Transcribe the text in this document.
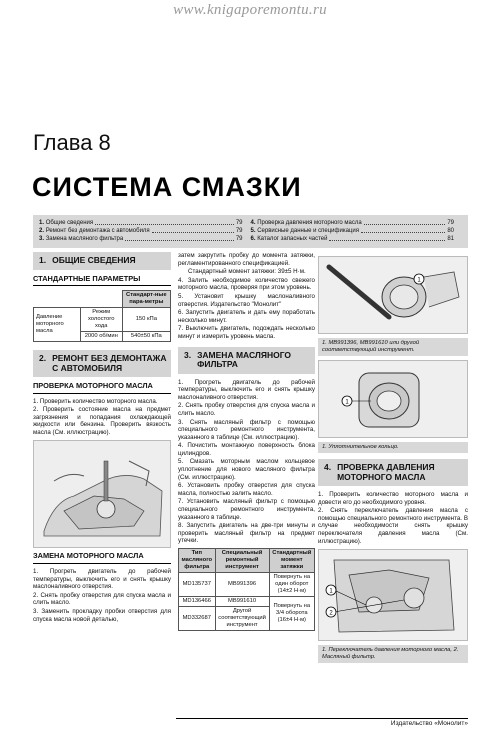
www.knigaporemontu.ru
Глава 8
СИСТЕМА СМАЗКИ
1.
Общие сведения	79
2.
Ремонт без демонтажа с автомобиля	79
3.
Замена масляного фильтра	79
4.
Проверка давления моторного масла	79
5.
Сервисные данные и спецификация	80
6.
Каталог запасных частей	81
1. ОБЩИЕ СВЕДЕНИЯ
СТАНДАРТНЫЕ ПАРАМЕТРЫ
		Стандарт-ные пара-метры
Давление моторного масла	Режим холостого хода	150 кПа
	2000 об/мин	540±50 кПа
2. РЕМОНТ БЕЗ ДЕМОНТАЖА С АВТОМОБИЛЯ
ПРОВЕРКА МОТОРНОГО МАСЛА

1. Проверить количество моторного масла.

2. Проверить состояние масла на предмет загрязнения и попадания охлаждающей жидкости или бензина. Проверить вязкость масла (См. иллюстрацию).

ЗАМЕНА МОТОРНОГО МАСЛА

1. Прогреть двигатель до рабочей температуры, выключить его и снять крышку маслоналивного отверстия.

2. Снять пробку отверстия для спуска масла и слить масло.

3. Заменить прокладку пробки отверстия для спуска масла новой деталью,

затем закрутить пробку до момента затяжки, регламентированного спецификацией.

Стандартный момент затяжки: 39±5 Н·м.

4. Залить необходимое количество свежего моторного масла, проверяя при этом уровень.

5. Установит крышку маслоналивного отверстия. Издательство "Монолит"

6. Запустить двигатель и дать ему поработать несколько минут.

7. Выключить двигатель, подождать несколько минут и измерить уровень масла.

3. ЗАМЕНА МАСЛЯНОГО ФИЛЬТРА

1. Прогреть двигатель до рабочей температуры, выключить его и снять крышку маслоналивного отверстия.

2. Снять пробку отверстия для спуска масла и слить масло.

3. Снять масляный фильтр с помощью специального ремонтного инструмента, указанного в таблице (См. иллюстрацию).

4. Почистить монтажную поверхность блока цилиндров.

5. Смазать моторным маслом кольцевое уплотнение для нового масляного фильтра (См. иллюстрацию).

6. Установить пробку отверстия для спуска масла, полностью залить масло.

7. Установить масляный фильтр с помощью специального ремонтного инструмента, указанного в таблице.

8. Запустить двигатель на две-три минуты и проверить масляный фильтр на предмет утечки.

Тип масляного фильтра	Специальный ремонтный инструмент	Стандартный момент затяжки
MD135737	MB991396	Повернуть на один оборот (14±2 Н·м)
MD136466	MB991610	Повернуть на 3/4 оборота (16±4 Н·м)
MD332687	Другой соответствующий инструмент	
1
1. MB991396, MB991610 или другой соответствующий инструмент.
1
1. Уплотнительное кольцо.
4. ПРОВЕРКА ДАВЛЕНИЯ МОТОРНОГО МАСЛА

1. Проверить количество моторного масла и довести его до необходимого уровня.

2. Снять переключатель давления масла с помощью специального ремонтного инструмента. В случае необходимости снять крышку переключателя давления масла (См. иллюстрацию).

1
2
1. Переключатель давления моторного масла, 2. Масляный фильтр.
Издательство «Монолит»
